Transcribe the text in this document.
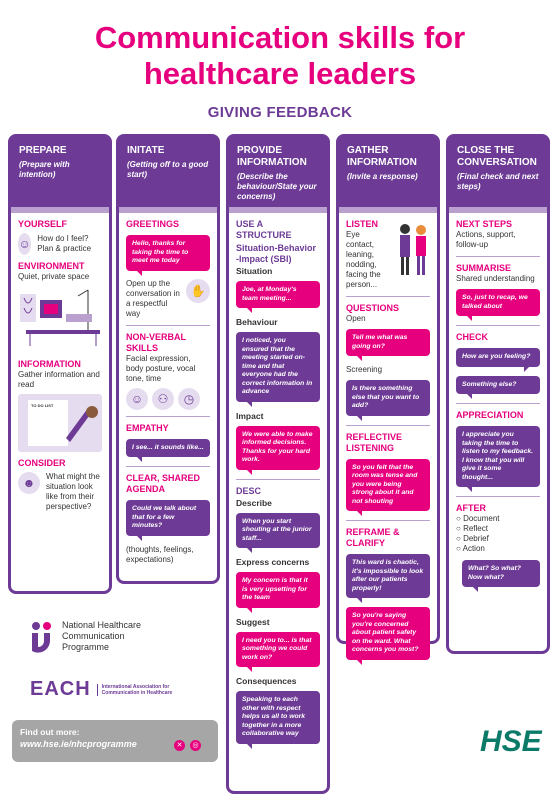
Communication skills for
healthcare leaders
GIVING FEEDBACK
PREPARE
(Prepare with intention)
YOURSELF
☺ How do I feel? Plan & practice
ENVIRONMENT
Quiet, private space
INFORMATION
Gather information and read
TO DO LIST
CONSIDER
☻	What might the situation look like from their perspective?
INITATE
(Getting off to a good start)
GREETINGS
Hello, thanks for taking the time to meet me today
Open up the conversation in a respectful way
✋
NON-VERBAL SKILLS
Facial expression, body posture, vocal tone, time
☺	⚇	◷
EMPATHY
I see... it sounds like...
CLEAR, SHARED AGENDA
Could we talk about that for a few minutes?
(thoughts, feelings, expectations)
PROVIDE INFORMATION
(Describe the behaviour/State your concerns)
USE A STRUCTURE
Situation-Behavior -Impact (SBI)
Situation
Joe, at Monday's team meeting...
Behaviour
I noticed, you ensured that the meeting started on-time and that everyone had the correct information in advance
Impact
We were able to make informed decisions. Thanks for your hard work.
DESC
Describe
When you start shouting at the junior staff...
Express concerns
My concern is that it is very upsetting for the team
Suggest
I need you to... is that something we could work on?
Consequences
Speaking to each other with respect helps us all to work together in a more collaborative way
GATHER INFORMATION
(Invite a response)
LISTEN
Eye contact, leaning, nodding, facing the person...
QUESTIONS
Open
Tell me what was going on?
Screening
Is there something else that you want to add?
REFLECTIVE LISTENING
So you felt that the room was tense and you were being strong about it and not shouting
REFRAME & CLARIFY
This ward is chaotic, it's impossible to look after our patients properly!
So you're saying you're concerned about patient safety on the ward. What concerns you most?
CLOSE THE CONVERSATION
(Final check and next steps)
NEXT STEPS
Actions, support, follow-up
SUMMARISE
Shared understanding
So, just to recap, we talked about
CHECK
How are you feeling?
Something else?
APPRECIATION
I appreciate you taking the time to listen to my feedback. I know that you will give it some thought...
AFTER
○ Document
○ Reflect
○ Debrief
○ Action
What? So what? Now what?
National Healthcare Communication Programme
EACH	International Association for Communication in Healthcare
Find out more:
www.hse.ie/nhcprogramme	✕	◎	HSE
